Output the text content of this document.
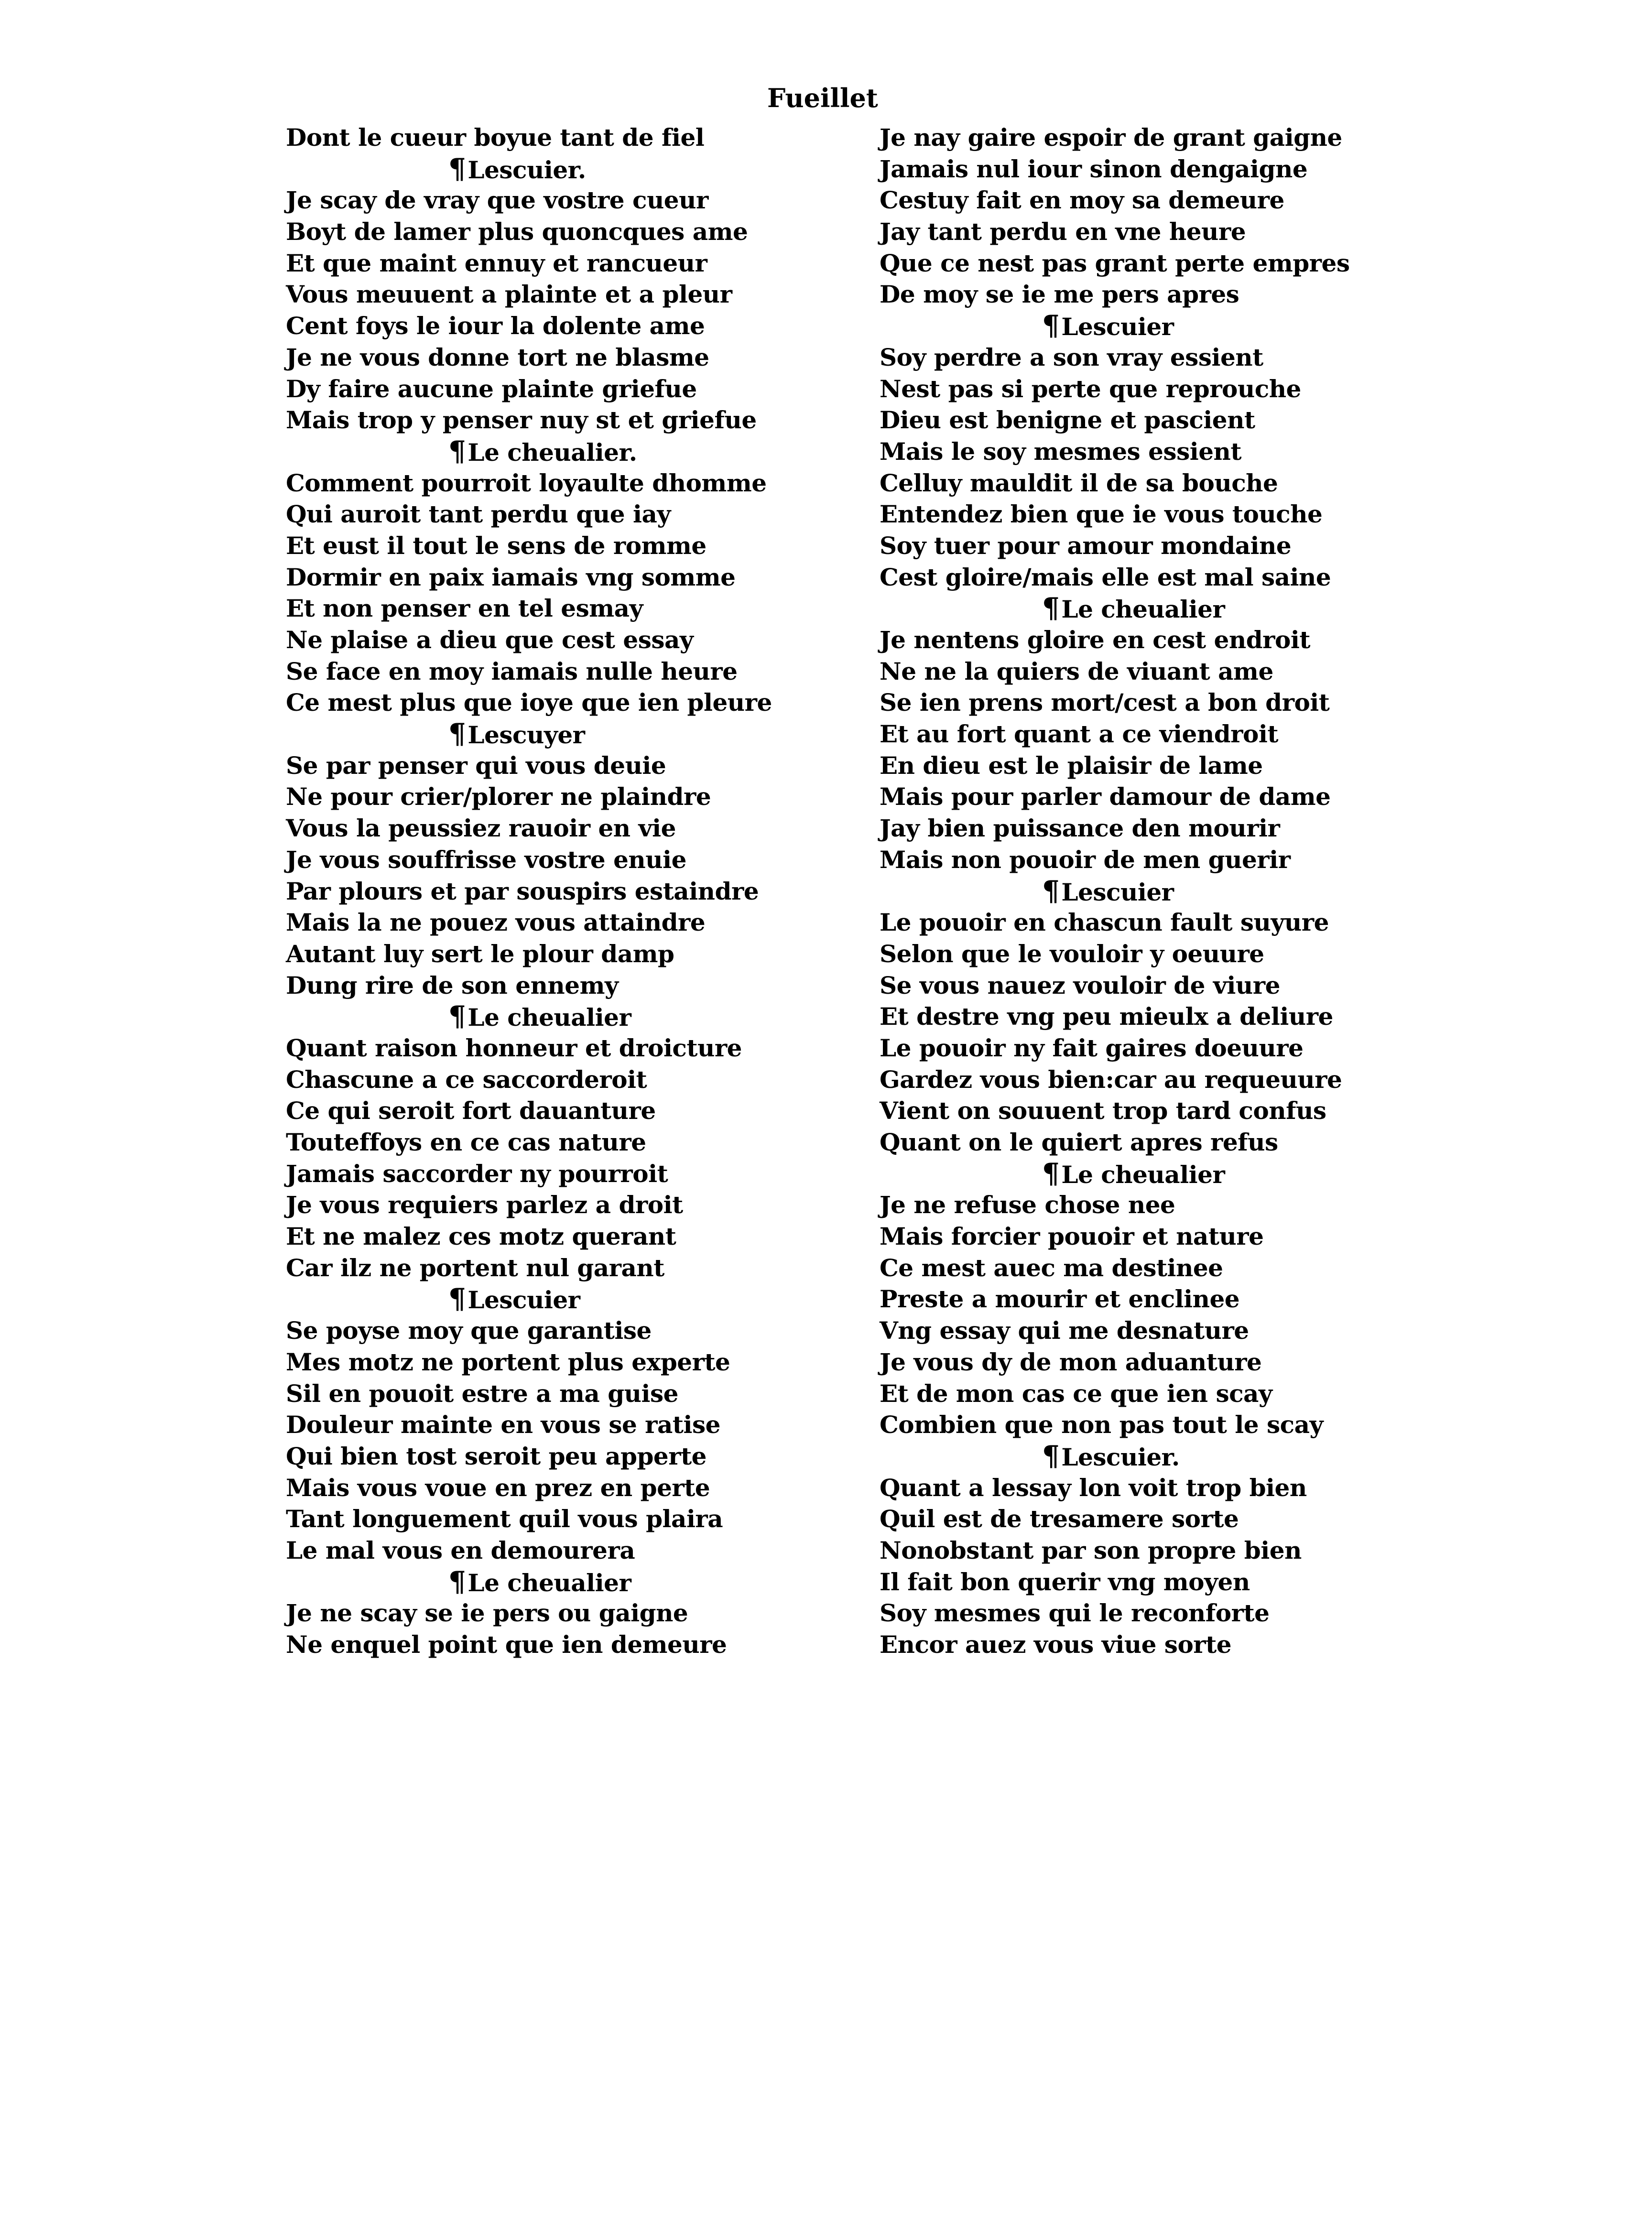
Fueillet
Dont le cueur boyue tant de fiel
¶Lescuier.
Je scay de vray que vostre cueur
Boyt de lamer plus quoncques ame
Et que maint ennuy et rancueur
Vous meuuent a plainte et a pleur
Cent foys le iour la dolente ame
Je ne vous donne tort ne blasme
Dy faire aucune plainte griefue
Mais trop y penser nuy st et griefue
¶Le cheualier.
Comment pourroit loyaulte dhomme
Qui auroit tant perdu que iay
Et eust il tout le sens de romme
Dormir en paix iamais vng somme
Et non penser en tel esmay
Ne plaise a dieu que cest essay
Se face en moy iamais nulle heure
Ce mest plus que ioye que ien pleure
¶Lescuyer
Se par penser qui vous deuie
Ne pour crier/plorer ne plaindre
Vous la peussiez rauoir en vie
Je vous souffrisse vostre enuie
Par plours et par souspirs estaindre
Mais la ne pouez vous attaindre
Autant luy sert le plour damp
Dung rire de son ennemy
¶Le cheualier
Quant raison honneur et droicture
Chascune a ce saccorderoit
Ce qui seroit fort dauanture
Touteffoys en ce cas nature
Jamais saccorder ny pourroit
Je vous requiers parlez a droit
Et ne malez ces motz querant
Car ilz ne portent nul garant
¶Lescuier
Se poyse moy que garantise
Mes motz ne portent plus experte
Sil en pouoit estre a ma guise
Douleur mainte en vous se ratise
Qui bien tost seroit peu apperte
Mais vous voue en prez en perte
Tant longuement quil vous plaira
Le mal vous en demourera
¶Le cheualier
Je ne scay se ie pers ou gaigne
Ne enquel point que ien demeure
Je nay gaire espoir de grant gaigne
Jamais nul iour sinon dengaigne
Cestuy fait en moy sa demeure
Jay tant perdu en vne heure
Que ce nest pas grant perte empres
De moy se ie me pers apres
¶Lescuier
Soy perdre a son vray essient
Nest pas si perte que reprouche
Dieu est benigne et pascient
Mais le soy mesmes essient
Celluy mauldit il de sa bouche
Entendez bien que ie vous touche
Soy tuer pour amour mondaine
Cest gloire/mais elle est mal saine
¶Le cheualier
Je nentens gloire en cest endroit
Ne ne la quiers de viuant ame
Se ien prens mort/cest a bon droit
Et au fort quant a ce viendroit
En dieu est le plaisir de lame
Mais pour parler damour de dame
Jay bien puissance den mourir
Mais non pouoir de men guerir
¶Lescuier
Le pouoir en chascun fault suyure
Selon que le vouloir y oeuure
Se vous nauez vouloir de viure
Et destre vng peu mieulx a deliure
Le pouoir ny fait gaires doeuure
Gardez vous bien:car au requeuure
Vient on souuent trop tard confus
Quant on le quiert apres refus
¶Le cheualier
Je ne refuse chose nee
Mais forcier pouoir et nature
Ce mest auec ma destinee
Preste a mourir et enclinee
Vng essay qui me desnature
Je vous dy de mon aduanture
Et de mon cas ce que ien scay
Combien que non pas tout le scay
¶Lescuier.
Quant a lessay lon voit trop bien
Quil est de tresamere sorte
Nonobstant par son propre bien
Il fait bon querir vng moyen
Soy mesmes qui le reconforte
Encor auez vous viue sorte
